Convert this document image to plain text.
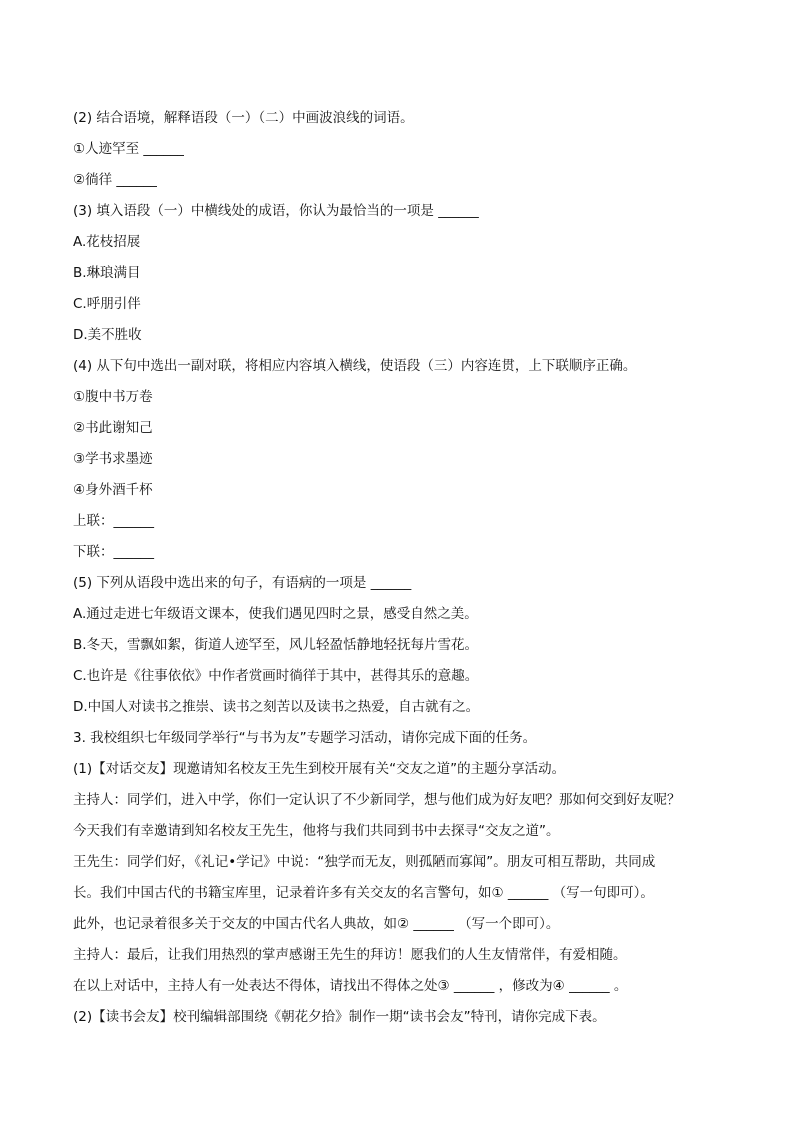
(2) 结合语境，解释语段（一）（二）中画波浪线的词语。

①人迹罕至 ______

②徜徉 ______

(3) 填入语段（一）中横线处的成语，你认为最恰当的一项是 ______

A.花枝招展

B.琳琅满目

C.呼朋引伴

D.美不胜收

(4) 从下句中选出一副对联，将相应内容填入横线，使语段（三）内容连贯，上下联顺序正确。

①腹中书万卷

②书此谢知己

③学书求墨迹

④身外酒千杯

上联：______

下联：______

(5) 下列从语段中选出来的句子，有语病的一项是 ______

A.通过走进七年级语文课本，使我们遇见四时之景，感受自然之美。

B.冬天，雪飘如絮，街道人迹罕至，风儿轻盈恬静地轻抚每片雪花。

C.也许是《往事依依》中作者赏画时徜徉于其中，甚得其乐的意趣。

D.中国人对读书之推崇、读书之刻苦以及读书之热爱，自古就有之。

3. 我校组织七年级同学举行“与书为友”专题学习活动，请你完成下面的任务。

(1)【对话交友】现邀请知名校友王先生到校开展有关“交友之道”的主题分享活动。

主持人：同学们，进入中学，你们一定认识了不少新同学，想与他们成为好友吧？那如何交到好友呢？

今天我们有幸邀请到知名校友王先生，他将与我们共同到书中去探寻“交友之道”。

王先生：同学们好，《礼记•学记》中说：“独学而无友，则孤陋而寡闻”。朋友可相互帮助，共同成

长。我们中国古代的书籍宝库里，记录着许多有关交友的名言警句，如① ______ （写一句即可）。

此外，也记录着很多关于交友的中国古代名人典故，如② ______ （写一个即可）。

主持人：最后，让我们用热烈的掌声感谢王先生的拜访！愿我们的人生友情常伴，有爱相随。

在以上对话中，主持人有一处表达不得体，请找出不得体之处③ ______ ，修改为④ ______ 。

(2)【读书会友】校刊编辑部围绕《朝花夕拾》制作一期“读书会友”特刊，请你完成下表。
